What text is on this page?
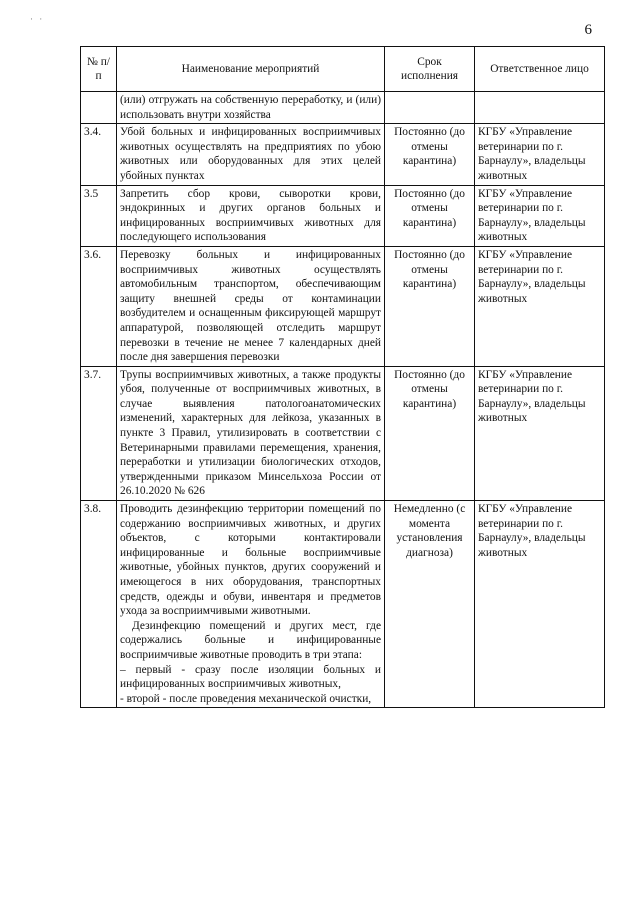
· ·
6
№ п/п	Наименование мероприятий	Срок исполнения	Ответственное лицо

	(или) отгружать на собственную переработку, и (или) использовать внутри хозяйства		

3.4.	Убой больных и инфицированных восприимчивых животных осуществлять на предприятиях по убою животных или оборудованных для этих целей убойных пунктах	Постоянно (до отмены карантина)	КГБУ «Управление ветеринарии по г. Барнаулу», владельцы животных
3.5	Запретить сбор крови, сыворотки крови, эндокринных и других органов больных и инфицированных восприимчивых животных для последующего использования	Постоянно (до отмены карантина)	КГБУ «Управление ветеринарии по г. Барнаулу», владельцы животных
3.6.	Перевозку больных и инфицированных восприимчивых животных осуществлять автомобильным транспортом, обеспечивающим защиту внешней среды от контаминации возбудителем и оснащенным фиксирующей маршрут аппаратурой, позволяющей отследить маршрут перевозки в течение не менее 7 календарных дней после дня завершения перевозки	Постоянно (до отмены карантина)	КГБУ «Управление ветеринарии по г. Барнаулу», владельцы животных
3.7.	Трупы восприимчивых животных, а также продукты убоя, полученные от восприимчивых животных, в случае выявления патологоанатомических изменений, характерных для лейкоза, указанных в пункте 3 Правил, утилизировать в соответствии с Ветеринарными правилами перемещения, хранения, переработки и утилизации биологических отходов, утвержденными приказом Минсельхоза России от 26.10.2020 № 626	Постоянно (до отмены карантина)	КГБУ «Управление ветеринарии по г. Барнаулу», владельцы животных
3.8.	Проводить дезинфекцию территории помещений по содержанию восприимчивых животных, и других объектов, с которыми контактировали инфицированные и больные восприимчивые животные, убойных пунктов, других сооружений и имеющегося в них оборудования, транспортных средств, одежды и обуви, инвентаря и предметов ухода за восприимчивыми животными.
Дезинфекцию помещений и других мест, где содержались больные и инфицированные восприимчивые животные проводить в три этапа:
– первый - сразу после изоляции больных и инфицированных восприимчивых животных,
- второй - после проведения механической очистки,	Немедленно (с момента установления диагноза)	КГБУ «Управление ветеринарии по г. Барнаулу», владельцы животных
